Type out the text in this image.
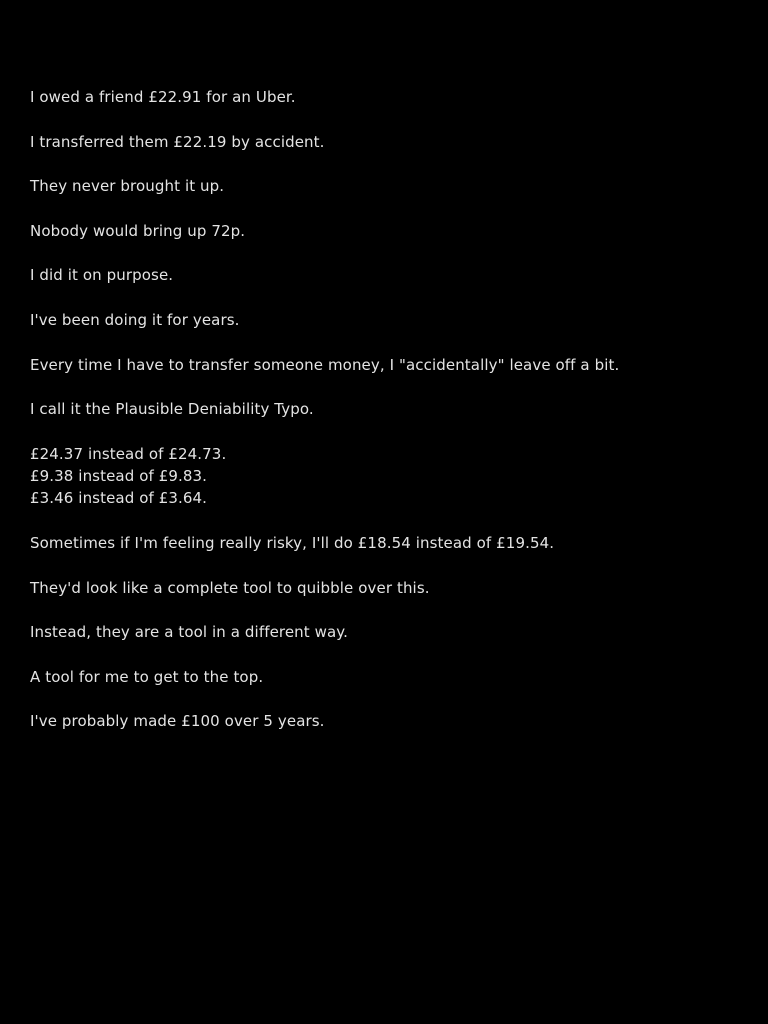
I owed a friend £22.91 for an Uber.

I transferred them £22.19 by accident.

They never brought it up.

Nobody would bring up 72p.

I did it on purpose.

I've been doing it for years.

Every time I have to transfer someone money, I "accidentally" leave off a bit.

I call it the Plausible Deniability Typo.

£24.37 instead of £24.73.
£9.38 instead of £9.83.
£3.46 instead of £3.64.

Sometimes if I'm feeling really risky, I'll do £18.54 instead of £19.54.

They'd look like a complete tool to quibble over this.

Instead, they are a tool in a different way.

A tool for me to get to the top.

I've probably made £100 over 5 years.
